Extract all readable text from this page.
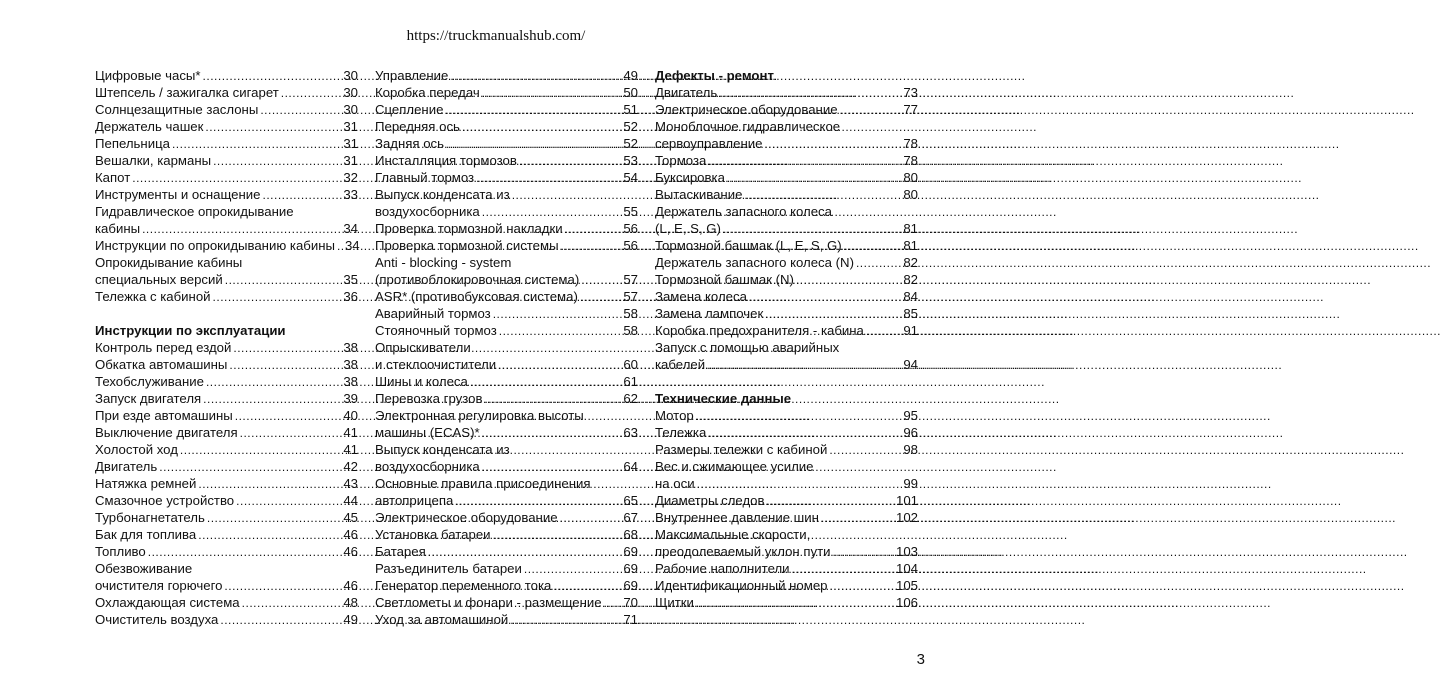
https://truckmanualshub.com/
Цифровые часы* .....	30
Штепсель / зажигалка сигарет .....	30
Солнцезащитные заслоны .....	30
Держатель чашек .....	31
Пепельница .....	31
Вешалки, карманы .....	31
Капот .....	32
Инструменты и оснащение .....	33
Гидравлическое опрокидывание
кабины .....	34
Инструкции по опрокидыванию кабины ..... 34
Опрокидывание кабины
специальных версий .....	35
Тележка с кабиной .....	36
Инструкции по эксплуатации
Контроль перед ездой .....	38
Обкатка автомашины .....	38
Техобслуживание .....	38
Запуск двигателя .....	39
При езде автомашины .....	40
Выключение двигателя .....	41
Холостой ход .....	41
Двигатель .....	42
Натяжка ремней .....	43
Смазочное устройство .....	44
Турбонагнетатель .....	45
Бак для топлива .....	46
Топливо .....	46
Обезвоживание
очистителя горючего .....	46
Охлаждающая система .....	48
Очиститель воздуха .....	49
Управление .....	49
Коробка передач .....	50
Сцепление .....	51
Передняя ось .....	52
Задняя ось .....	52
Инсталляция тормозов .....	53
Главный тормоз .....	54
Выпуск конденсата из
воздухосборника .....	55
Проверка тормозной накладки .....	56
Проверка тормозной системы .....	56
Anti - blocking - system
(противоблокировочная система) .....	57
ASR* (противобуксовая система) .....	57
Аварийный тормоз .....	58
Стояночный тормоз .....	58
Опрыскиватели
и стеклоочистители .....	60
Шины и колеса .....	61
Перевозка грузов .....	62
Электронная регулировка высоты
машины (ECAS)* .....	63
Выпуск конденсата из
воздухосборника .....	64
Основные правила присоединения
автоприцепа .....	. 65
Электрическое оборудование .....	67
Установка батареи .....	68
Батарея .....	69
Разъединитель батареи .....	69
Генератор переменного тока .....	69
Светлометы и фонари - размещение ..... 70
Уход за автомашиной .....	71
Дефекты - ремонт
Двигатель .....	73
Электрическое оборудование .....	77
Моноблочное гидравлическое
сервоуправление .....	78
Тормоза .....	78
Буксировка .....	80
Вытаскивание .....	80
Держатель запасного колеса
(L, E, S, G) .....	81
Тормозной башмак (L, E, S, G) .....	81
Держатель запасного колеса (N) .....	82
Тормозной башмак (N) .....	82
Замена колеса .....	84
Замена лампочек .....	85
Коробка предохранителя - кабина .....	91
Запуск с помощью аварийных
кабелей .....	94
Технические данные
Мотор .....	95
Тележка .....	96
Размеры тележки с кабиной .....	98
Вес и сжимающее усилие
на оси .....	99
Диаметры следов .....	101
Внутреннее давление шин .....	102
Максимальные скорости,
преодолеваемый уклон пути .....	103
Рабочие наполнители .....	104
Идентификационный номер .....	105
Щитки .....	106
3
